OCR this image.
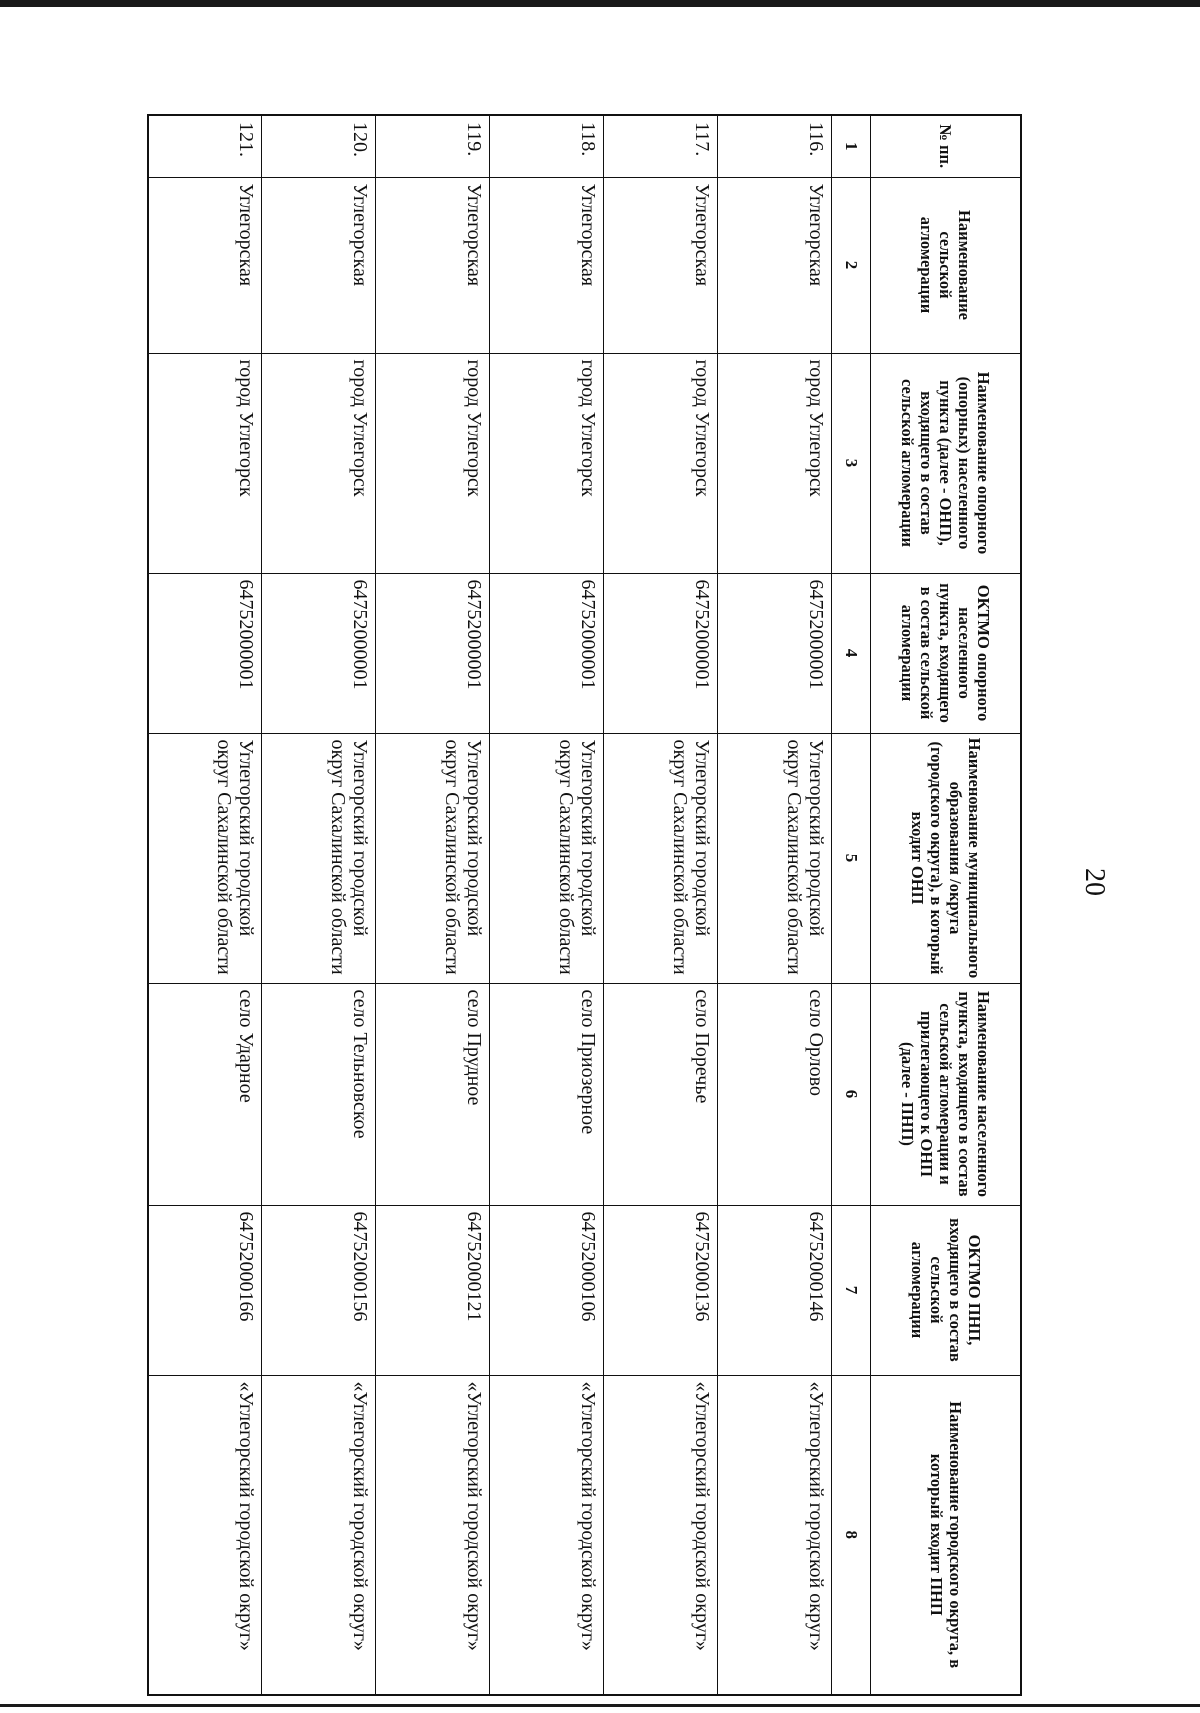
20
№ пп.	Наименование сельской агломерации	Наименование опорного (опорных) населенного пункта (далее - ОНП), входящего в состав сельской агломерации	ОКТМО опорного населенного пункта, входящего в состав сельской агломерации	Наименование муниципального образования /округа (городского округа), в который входит ОНП	Наименование населенного пункта, входящего в состав сельской агломерации и прилегающего к ОНП (далее - ПНП)	ОКТМО ПНП, входящего в состав сельской агломерации	Наименование городского округа, в который входит ПНП
1	2	3	4	5	6	7	8
116.	Углегорская	город Углегорск	64752000001	Углегорский городской округ Сахалинской области	село Орлово	64752000146	«Углегорский городской округ»
117.	Углегорская	город Углегорск	64752000001	Углегорский городской округ Сахалинской области	село Поречье	64752000136	«Углегорский городской округ»
118.	Углегорская	город Углегорск	64752000001	Углегорский городской округ Сахалинской области	село Приозерное	64752000106	«Углегорский городской округ»
119.	Углегорская	город Углегорск	64752000001	Углегорский городской округ Сахалинской области	село Прудное	64752000121	«Углегорский городской округ»
120.	Углегорская	город Углегорск	64752000001	Углегорский городской округ Сахалинской области	село Тельновское	64752000156	«Углегорский городской округ»
121.	Углегорская	город Углегорск	64752000001	Углегорский городской округ Сахалинской области	село Ударное	64752000166	«Углегорский городской округ»
